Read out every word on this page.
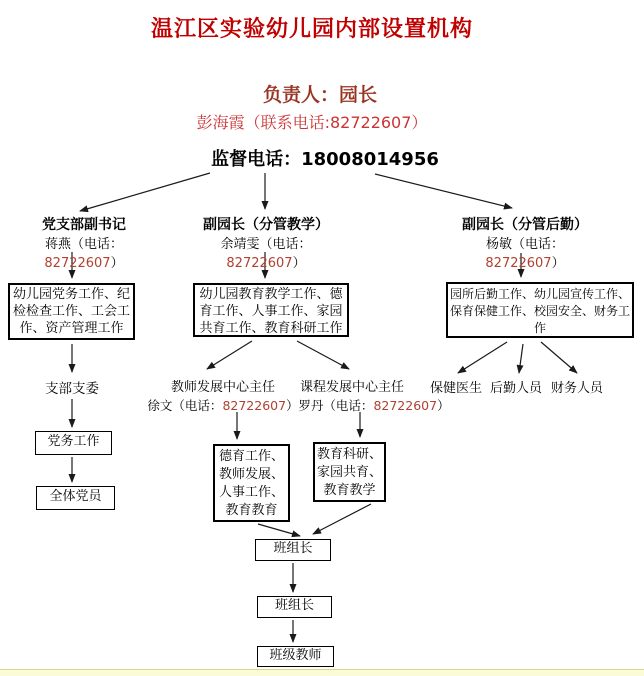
温江区实验幼儿园内部设置机构
负责人：园长
彭海霞（联系电话:82722607）
监督电话：18008014956
党支部副书记	副园长（分管教学）	副园长（分管后勤）
蒋燕（电话：82722607）
余靖雯（电话：82722607）
杨敏（电话：82722607）
幼儿园党务工作、纪检检查工作、工会工作、资产管理工作
幼儿园教育教学工作、德育工作、人事工作、家园共育工作、教育科研工作
园所后勤工作、幼儿园宣传工作、保育保健工作、校园安全、财务工作
支部支委
党务工作
全体党员
教师发展中心主任	课程发展中心主任
徐文（电话：82722607） 罗丹（电话：82722607）
德育工作、教师发展、人事工作、教育教育
教育科研、家园共育、教育教学
保健医生 后勤人员 财务人员
班组长
班组长
班级教师
